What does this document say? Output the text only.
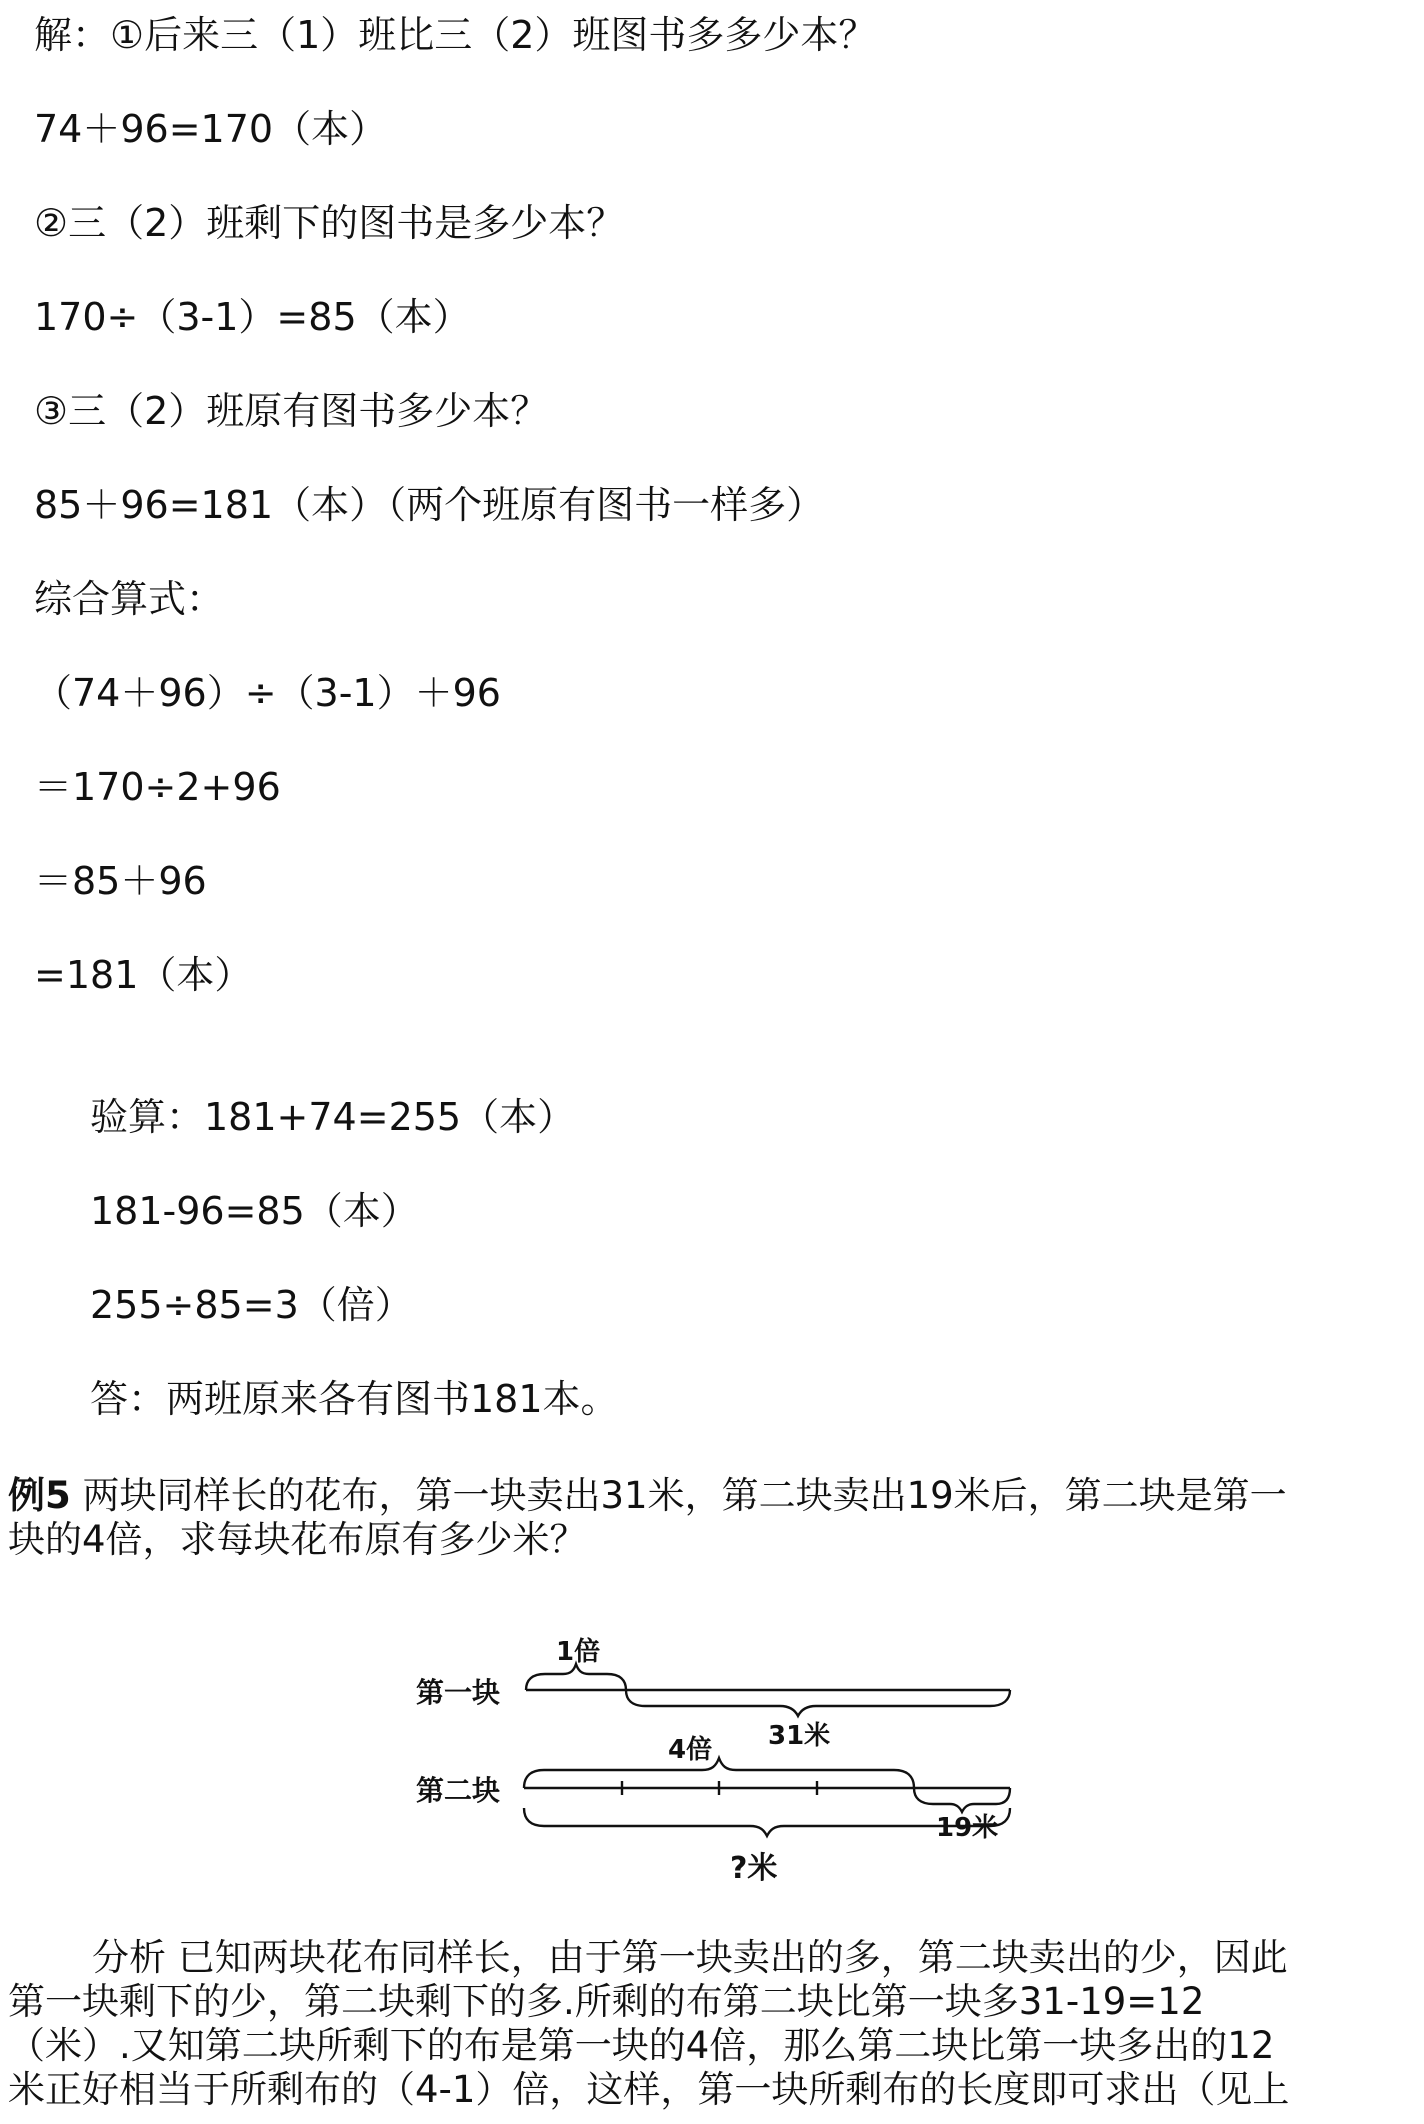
解：①后来三（1）班比三（2）班图书多多少本？
74＋96=170（本）
②三（2）班剩下的图书是多少本？
170÷（3-1）=85（本）
③三（2）班原有图书多少本？
85＋96=181（本）（两个班原有图书一样多）
综合算式：
（74＋96）÷（3-1）＋96
＝170÷2+96
＝85＋96
=181（本）
验算：181+74=255（本）
181-96=85（本）
255÷85=3（倍）
答：两班原来各有图书181本。
例5 两块同样长的花布，第一块卖出31米，第二块卖出19米后，第二块是第一
块的4倍，求每块花布原有多少米？
第一块
1倍
31米
第二块
4倍
19米
?米
分析 已知两块花布同样长，由于第一块卖出的多，第二块卖出的少，因此
第一块剩下的少，第二块剩下的多.所剩的布第二块比第一块多31-19=12
（米）.又知第二块所剩下的布是第一块的4倍，那么第二块比第一块多出的12
米正好相当于所剩布的（4-1）倍，这样，第一块所剩布的长度即可求出（见上
